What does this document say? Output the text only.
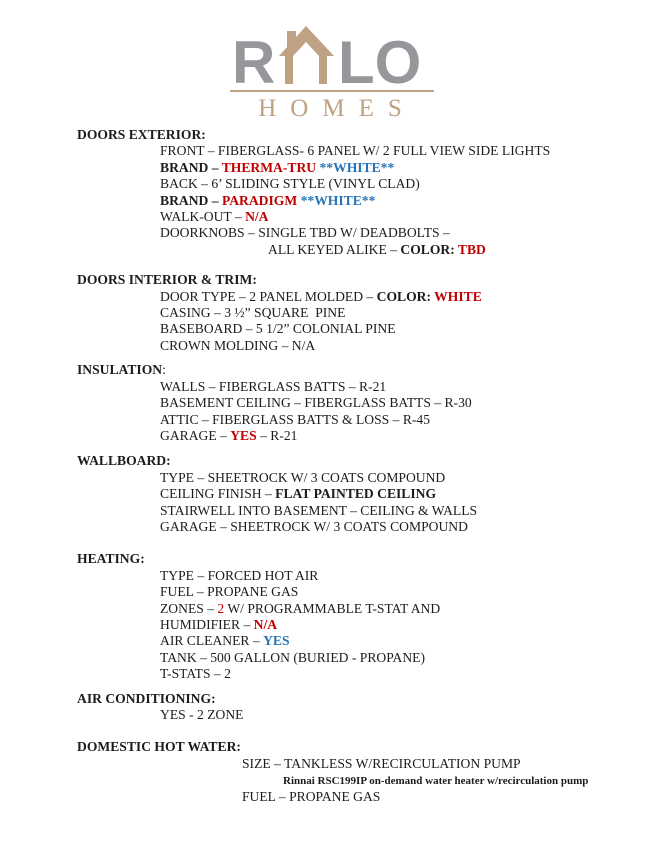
R LO
HOMES
DOORS EXTERIOR:
FRONT – FIBERGLASS- 6 PANEL W/ 2 FULL VIEW SIDE LIGHTS
BRAND – THERMA-TRU **WHITE**
BACK – 6’ SLIDING STYLE (VINYL CLAD)
BRAND – PARADIGM **WHITE**
WALK-OUT – N/A
DOORKNOBS – SINGLE TBD W/ DEADBOLTS –
ALL KEYED ALIKE – COLOR: TBD
DOORS INTERIOR & TRIM:
DOOR TYPE – 2 PANEL MOLDED – COLOR: WHITE
CASING – 3 ½” SQUARE  PINE
BASEBOARD – 5 1/2” COLONIAL PINE
CROWN MOLDING – N/A
INSULATION:
WALLS – FIBERGLASS BATTS – R-21
BASEMENT CEILING – FIBERGLASS BATTS – R-30
ATTIC – FIBERGLASS BATTS & LOSS – R-45
GARAGE – YES – R-21
WALLBOARD:
TYPE – SHEETROCK W/ 3 COATS COMPOUND
CEILING FINISH – FLAT PAINTED CEILING
STAIRWELL INTO BASEMENT – CEILING & WALLS
GARAGE – SHEETROCK W/ 3 COATS COMPOUND
HEATING:
TYPE – FORCED HOT AIR
FUEL – PROPANE GAS
ZONES – 2 W/ PROGRAMMABLE T-STAT AND
HUMIDIFIER – N/A
AIR CLEANER – YES
TANK – 500 GALLON (BURIED - PROPANE)
T-STATS – 2
AIR CONDITIONING:
YES - 2 ZONE
DOMESTIC HOT WATER:
SIZE – TANKLESS W/RECIRCULATION PUMP
Rinnai RSC199IP on-demand water heater w/recirculation pump
FUEL – PROPANE GAS
